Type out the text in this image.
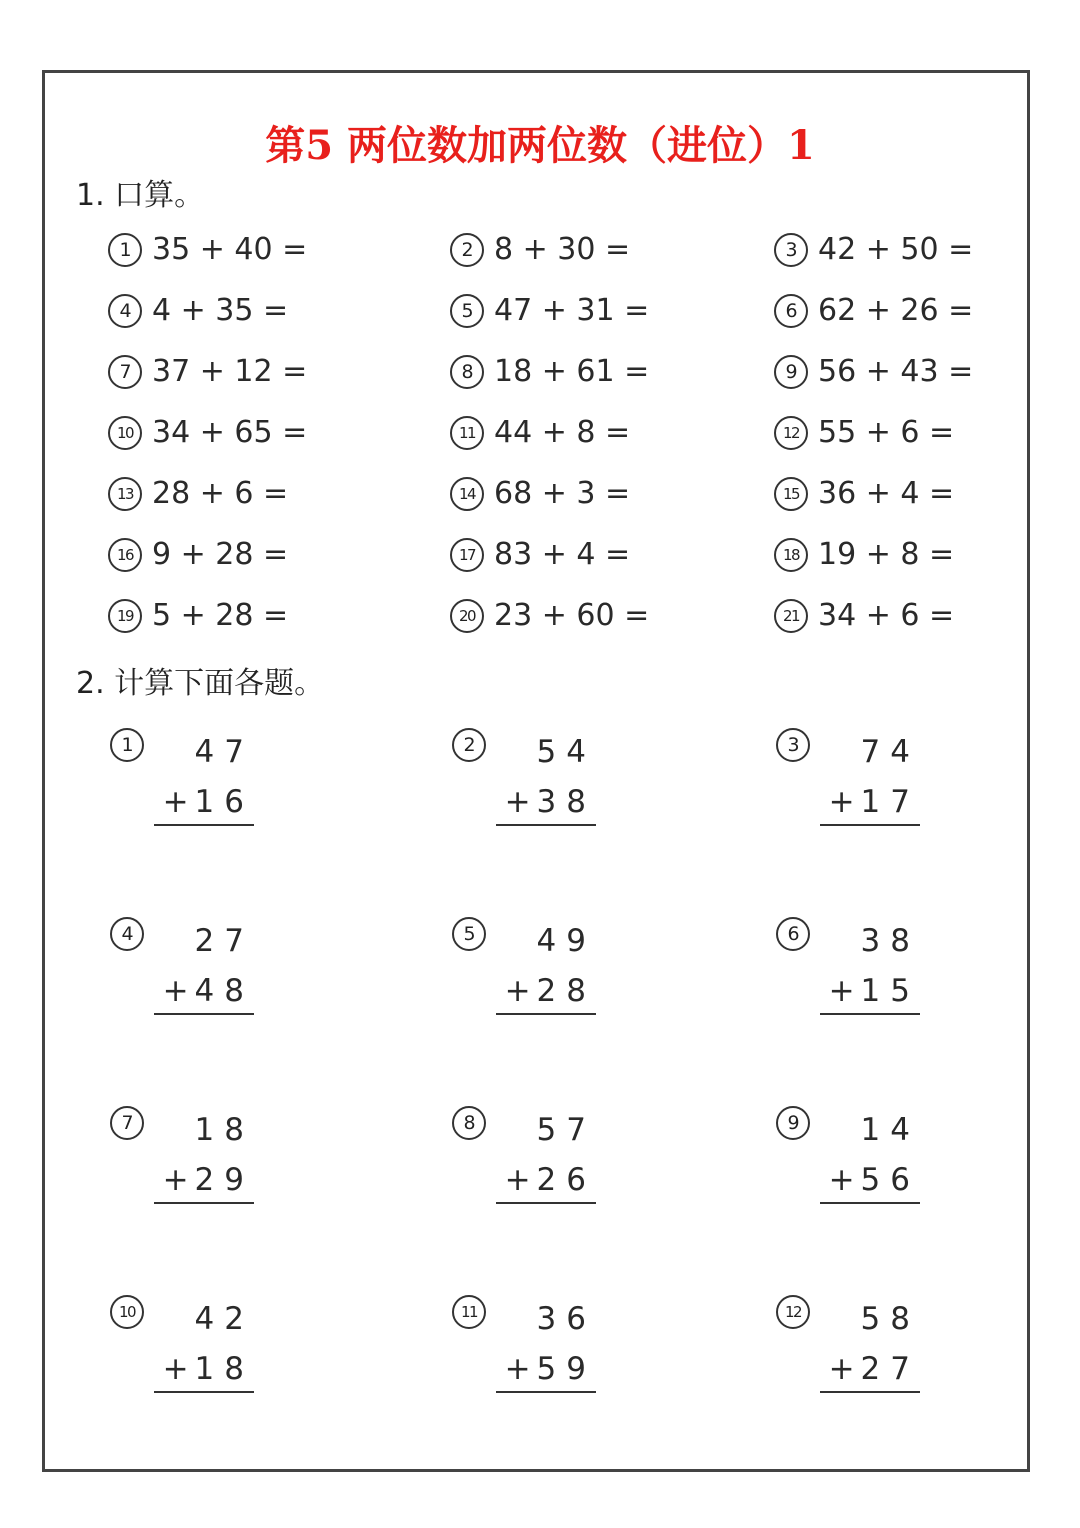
第5 两位数加两位数（进位）1
1. 口算。
1 35 + 40 =	2 8 + 30 =	3 42 + 50 =
4 4 + 35 =	5 47 + 31 =	6 62 + 26 =
7 37 + 12 =	8 18 + 61 =	9 56 + 43 =
10 34 + 65 =	11 44 + 8 =	12 55 + 6 =
13 28 + 6 =	14 68 + 3 =	15 36 + 4 =
16 9 + 28 =	17 83 + 4 =	18 19 + 8 =
19 5 + 28 =	20 23 + 60 =	21 34 + 6 =
2. 计算下面各题。
1	47
+16
2	54
+38
3	74
+17
4	27
+48
5	49
+28
6	38
+15
7	18
+29
8	57
+26
9	14
+56
10	42
+18
11	36
+59
12	58
+27
